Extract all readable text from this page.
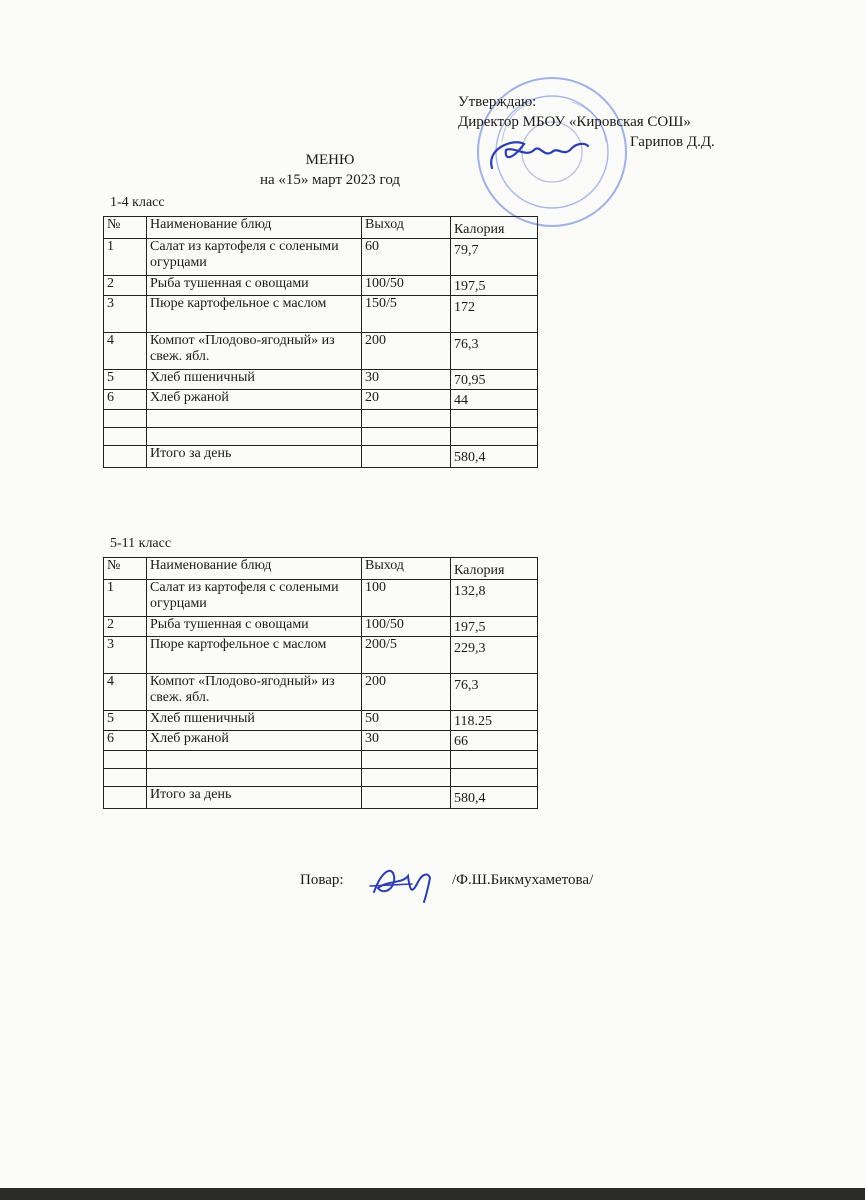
Утверждаю:
Директор МБОУ «Кировская СОШ»
Гарипов Д.Д.
МЕНЮ
на «15» март 2023 год
1-4 класс
№	Наименование блюд	Выход	Калория
1	Салат из картофеля с солеными огурцами	60	79,7
2	Рыба тушенная с овощами	100/50	197,5
3	Пюре картофельное с маслом	150/5	172
4	Компот «Плодово-ягодный» из свеж. ябл.	200	76,3
5	Хлеб пшеничный	30	70,95
6	Хлеб ржаной	20	44

	Итого за день		580,4
5-11 класс
№	Наименование блюд	Выход	Калория
1	Салат из картофеля с солеными огурцами	100	132,8
2	Рыба тушенная с овощами	100/50	197,5
3	Пюре картофельное с маслом	200/5	229,3
4	Компот «Плодово-ягодный» из свеж. ябл.	200	76,3
5	Хлеб пшеничный	50	118.25
6	Хлеб ржаной	30	66

	Итого за день		580,4
Повар:	/Ф.Ш.Бикмухаметова/
